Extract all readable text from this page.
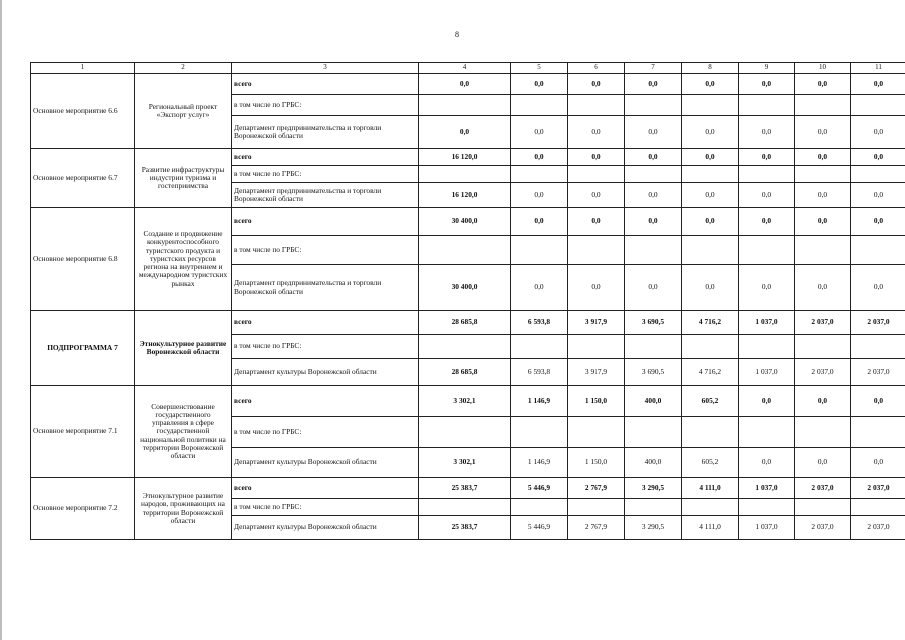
8
1	2	3	4	5	6	7	8	9	10	11
Основное мероприятие 6.6	Региональный проект «Экспорт услуг»	всего	0,0	0,0	0,0	0,0	0,0	0,0	0,0	0,0
		в том числе по ГРБС:								
		Департамент предпринимательства и торговли Воронежской области	0,0	0,0	0,0	0,0	0,0	0,0	0,0	0,0
Основное мероприятие 6.7	Развитие инфраструктуры индустрии туризма и гостеприимства	всего	16 120,0	0,0	0,0	0,0	0,0	0,0	0,0	0,0
		в том числе по ГРБС:								
		Департамент предпринимательства и торговли Воронежской области	16 120,0	0,0	0,0	0,0	0,0	0,0	0,0	0,0
Основное мероприятие 6.8	Создание и продвижение конкурентоспособного туристского продукта и туристских ресурсов региона на внутреннем и международном туристских рынках	всего	30 400,0	0,0	0,0	0,0	0,0	0,0	0,0	0,0
		в том числе по ГРБС:								
		Департамент предпринимательства и торговли Воронежской области	30 400,0	0,0	0,0	0,0	0,0	0,0	0,0	0,0
ПОДПРОГРАММА 7	Этнокультурное развитие Воронежской области	всего	28 685,8	6 593,8	3 917,9	3 690,5	4 716,2	1 037,0	2 037,0	2 037,0
		в том числе по ГРБС:								
		Департамент культуры Воронежской области	28 685,8	6 593,8	3 917,9	3 690,5	4 716,2	1 037,0	2 037,0	2 037,0
Основное мероприятие 7.1	Совершенствование государственного управления в сфере государственной национальной политики на территории Воронежской области	всего	3 302,1	1 146,9	1 150,0	400,0	605,2	0,0	0,0	0,0
		в том числе по ГРБС:								
		Департамент культуры Воронежской области	3 302,1	1 146,9	1 150,0	400,0	605,2	0,0	0,0	0,0
Основное мероприятие 7.2	Этнокультурное развитие народов, проживающих на территории Воронежской области	всего	25 383,7	5 446,9	2 767,9	3 290,5	4 111,0	1 037,0	2 037,0	2 037,0
		в том числе по ГРБС:								
		Департамент культуры Воронежской области	25 383,7	5 446,9	2 767,9	3 290,5	4 111,0	1 037,0	2 037,0	2 037,0
